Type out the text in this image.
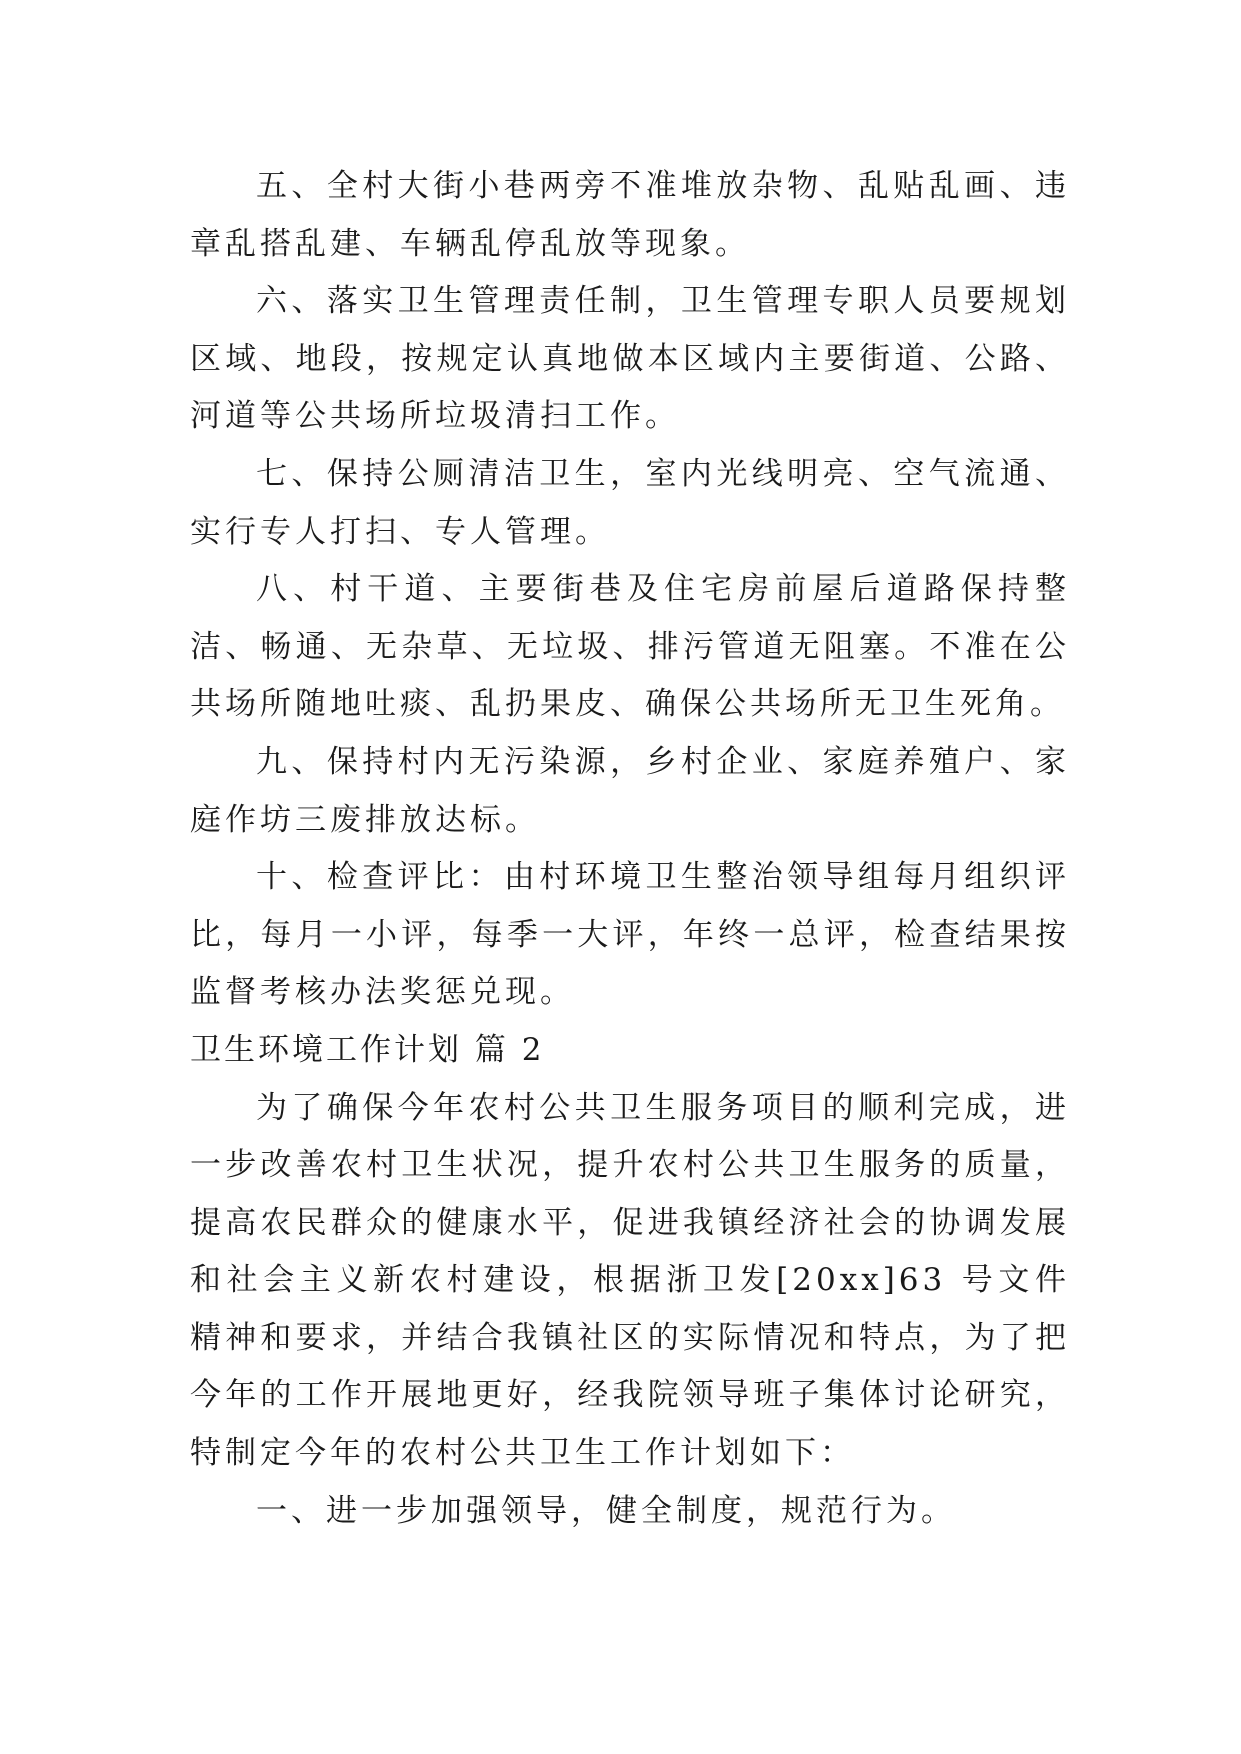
五、全村大街小巷两旁不准堆放杂物、乱贴乱画、违章乱搭乱建、车辆乱停乱放等现象。

六、落实卫生管理责任制，卫生管理专职人员要规划区域、地段，按规定认真地做本区域内主要街道、公路、河道等公共场所垃圾清扫工作。

七、保持公厕清洁卫生，室内光线明亮、空气流通、实行专人打扫、专人管理。

八、村干道、主要街巷及住宅房前屋后道路保持整洁、畅通、无杂草、无垃圾、排污管道无阻塞。不准在公共场所随地吐痰、乱扔果皮、确保公共场所无卫生死角。

九、保持村内无污染源，乡村企业、家庭养殖户、家庭作坊三废排放达标。

十、检查评比：由村环境卫生整治领导组每月组织评比，每月一小评，每季一大评，年终一总评，检查结果按监督考核办法奖惩兑现。

卫生环境工作计划 篇 2

为了确保今年农村公共卫生服务项目的顺利完成，进一步改善农村卫生状况，提升农村公共卫生服务的质量，提高农民群众的健康水平，促进我镇经济社会的协调发展和社会主义新农村建设，根据浙卫发[20xx]63 号文件精神和要求，并结合我镇社区的实际情况和特点，为了把今年的工作开展地更好，经我院领导班子集体讨论研究，特制定今年的农村公共卫生工作计划如下：

一、进一步加强领导，健全制度，规范行为。
